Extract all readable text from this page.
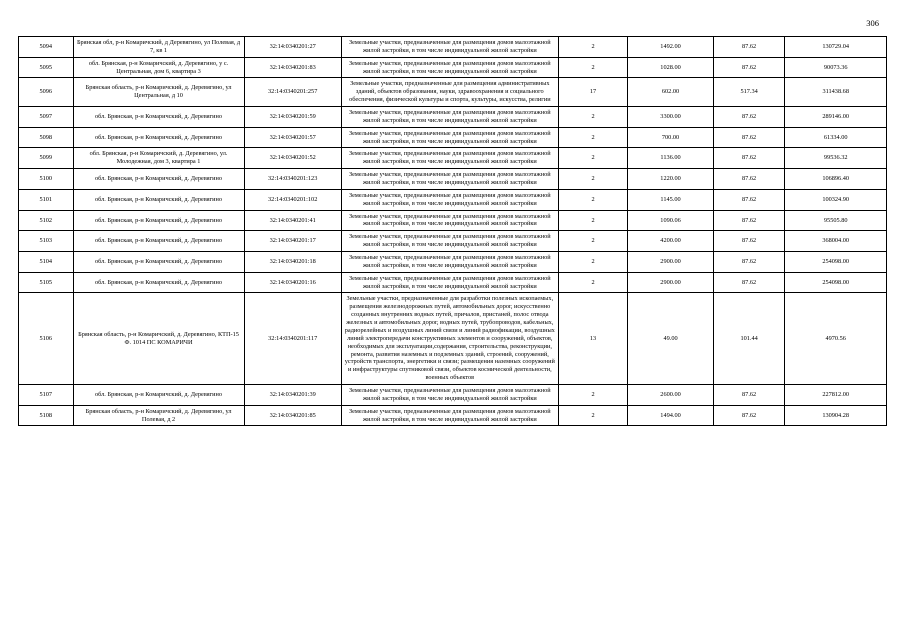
306
5094	Брянская обл, р-н Комаричский, д Деревягино, ул Полевая, д 7, кв 1	32:14:0340201:27	Земельные участки, предназначенные для размещения домов малоэтажной жилой застройки, в том числе индивидуальной жилой застройки	2	1492.00	87.62	130729.04
5095	обл. Брянская, р-н Комаричский, д. Деревягино, у с. Центральная, дом 6, квартира 3	32:14:0340201:83	Земельные участки, предназначенные для размещения домов малоэтажной жилой застройки, в том числе индивидуальной жилой застройки	2	1028.00	87.62	90073.36
5096	Брянская область, р-н Комаричский, д. Деревягино, ул Центральная, д 10	32:14:0340201:257	Земельные участки, предназначенные для размещения административных зданий, объектов образования, науки, здравоохранения и социального обеспечения, физической культуры и спорта, культуры, искусства, религии	17	602.00	517.34	311438.68
5097	обл. Брянская, р-н Комаричский, д. Деревягино	32:14:0340201:59	Земельные участки, предназначенные для размещения домов малоэтажной жилой застройки, в том числе индивидуальной жилой застройки	2	3300.00	87.62	289146.00
5098	обл. Брянская, р-н Комаричский, д. Деревягино	32:14:0340201:57	Земельные участки, предназначенные для размещения домов малоэтажной жилой застройки, в том числе индивидуальной жилой застройки	2	700.00	87.62	61334.00
5099	обл. Брянская, р-н Комаричский, д. Деревягино, ул. Молодежная, дом 3, квартира 1	32:14:0340201:52	Земельные участки, предназначенные для размещения домов малоэтажной жилой застройки, в том числе индивидуальной жилой застройки	2	1136.00	87.62	99536.32
5100	обл. Брянская, р-н Комаричский, д. Деревягино	32:14:0340201:123	Земельные участки, предназначенные для размещения домов малоэтажной жилой застройки, в том числе индивидуальной жилой застройки	2	1220.00	87.62	106896.40
5101	обл. Брянская, р-н Комаричский, д. Деревягино	32:14:0340201:102	Земельные участки, предназначенные для размещения домов малоэтажной жилой застройки, в том числе индивидуальной жилой застройки	2	1145.00	87.62	100324.90
5102	обл. Брянская, р-н Комаричский, д. Деревягино	32:14:0340201:41	Земельные участки, предназначенные для размещения домов малоэтажной жилой застройки, в том числе индивидуальной жилой застройки	2	1090.06	87.62	95505.80
5103	обл. Брянская, р-н Комаричский, д. Деревягино	32:14:0340201:17	Земельные участки, предназначенные для размещения домов малоэтажной жилой застройки, в том числе индивидуальной жилой застройки	2	4200.00	87.62	368004.00
5104	обл. Брянская, р-н Комаричский, д. Деревягино	32:14:0340201:18	Земельные участки, предназначенные для размещения домов малоэтажной жилой застройки, в том числе индивидуальной жилой застройки	2	2900.00	87.62	254098.00
5105	обл. Брянская, р-н Комаричский, д. Деревягино	32:14:0340201:16	Земельные участки, предназначенные для размещения домов малоэтажной жилой застройки, в том числе индивидуальной жилой застройки	2	2900.00	87.62	254098.00
5106	Брянская область, р-н Комаричский, д. Деревягино, КТП-15 Ф. 1014 ПС КОМАРИЧИ	32:14:0340201:117	Земельные участки, предназначенные для разработки полезных ископаемых, размещения железнодорожных путей, автомобильных дорог, искусственно созданных внутренних водных путей, причалов, пристаней, полос отвода железных и автомобильных дорог, водных путей, трубопроводов, кабельных, радиорелейных и воздушных линий связи и линий радиофикации, воздушных линий электропередачи конструктивных элементов и сооружений, объектов, необходимых для эксплуатации,содержания, строительства, реконструкции, ремонта, развития наземных и подземных зданий, строений, сооружений, устройств транспорта, энергетики и связи; размещения наземных сооружений и инфраструктуры спутниковой связи, объектов космической деятельности, военных объектов	13	49.00	101.44	4970.56
5107	обл. Брянская, р-н Комаричский, д. Деревягино	32:14:0340201:39	Земельные участки, предназначенные для размещения домов малоэтажной жилой застройки, в том числе индивидуальной жилой застройки	2	2600.00	87.62	227812.00
5108	Брянская область, р-н Комаричский, д. Деревягино, ул Полевая, д 2	32:14:0340201:85	Земельные участки, предназначенные для размещения домов малоэтажной жилой застройки, в том числе индивидуальной жилой застройки	2	1494.00	87.62	130904.28
